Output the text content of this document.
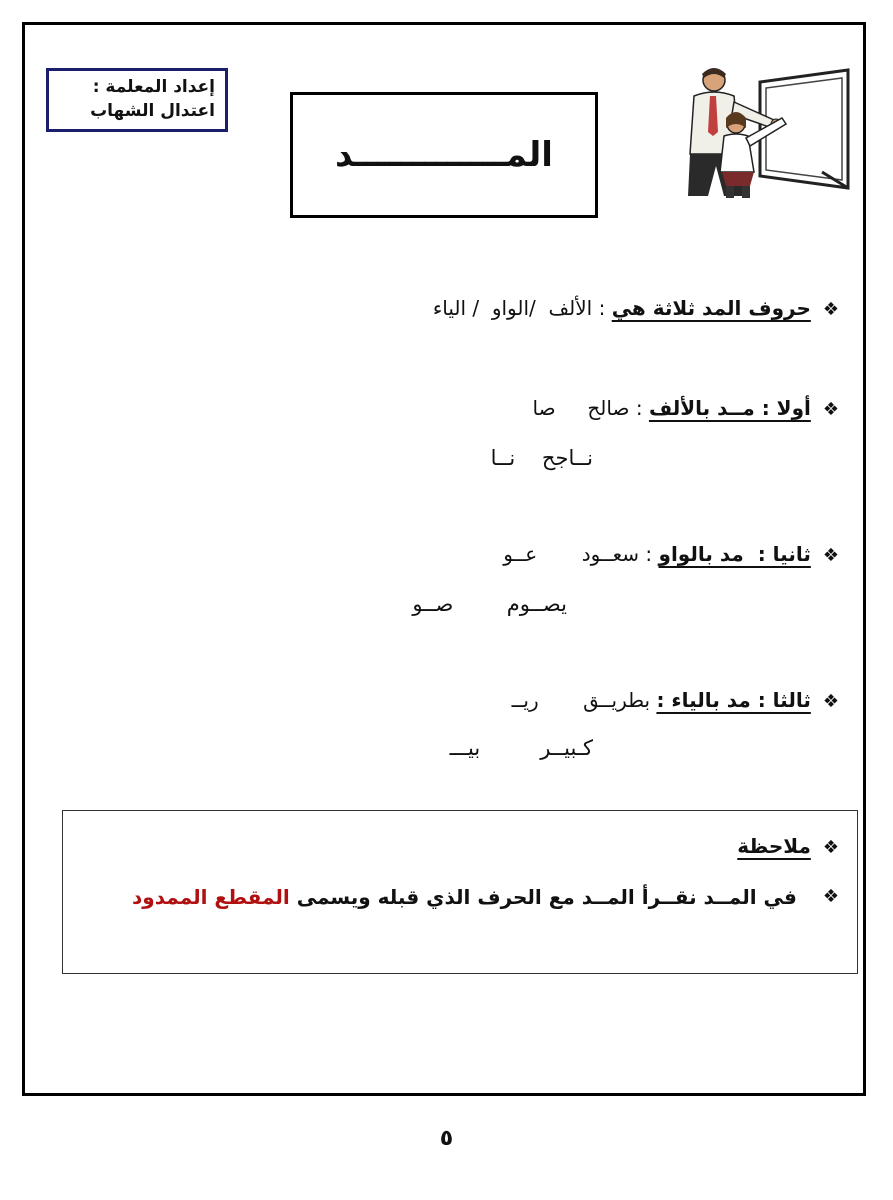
إعداد المعلمة :
اعتدال الشهاب
المـــــــــــــد
❖
حروف المد ثلاثة هي
:
الألف  /الواو  / الياء
❖
أولا : مــد بالألف
:
صالح     صا
نــاجح    نــا
❖
ثانيا :  مد بالواو
:
سعــود       عــو
يصــوم        صــو
❖
ثالثا : مد بالياء :

بطريــق       ريــ
كـبيــر         بيـــ
❖
ملاحظة
❖
في المــد نقــرأ المــد مع الحرف الذي قبله ويسمى المقطع الممدود
٥
